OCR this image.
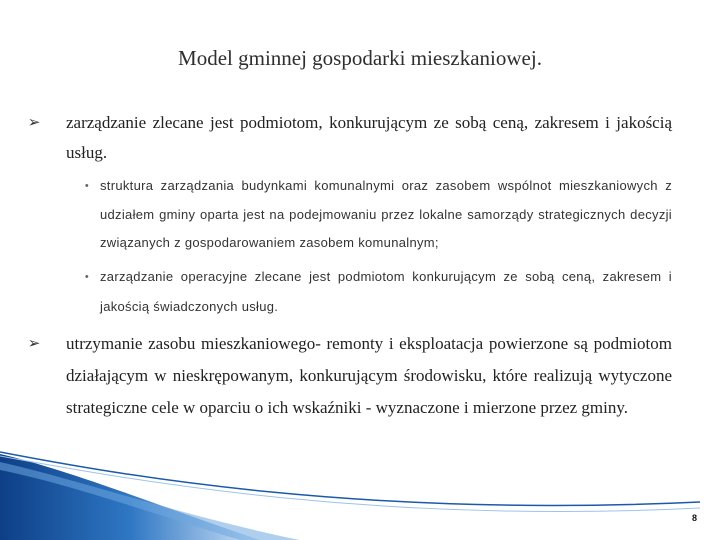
Model gminnej gospodarki mieszkaniowej.
➢ zarządzanie zlecane jest podmiotom, konkurującym ze sobą ceną, zakresem i jakością usług.
• struktura zarządzania budynkami komunalnymi oraz zasobem wspólnot mieszkaniowych z udziałem gminy oparta jest na podejmowaniu przez lokalne samorządy strategicznych decyzji związanych z gospodarowaniem zasobem komunalnym;
• zarządzanie operacyjne zlecane jest podmiotom konkurującym ze sobą ceną, zakresem i jakością świadczonych usług.
➢ utrzymanie zasobu mieszkaniowego- remonty i eksploatacja powierzone są podmiotom działającym w nieskrępowanym, konkurującym środowisku, które realizują wytyczone strategiczne cele w oparciu o ich wskaźniki - wyznaczone i mierzone przez gminy.
8
